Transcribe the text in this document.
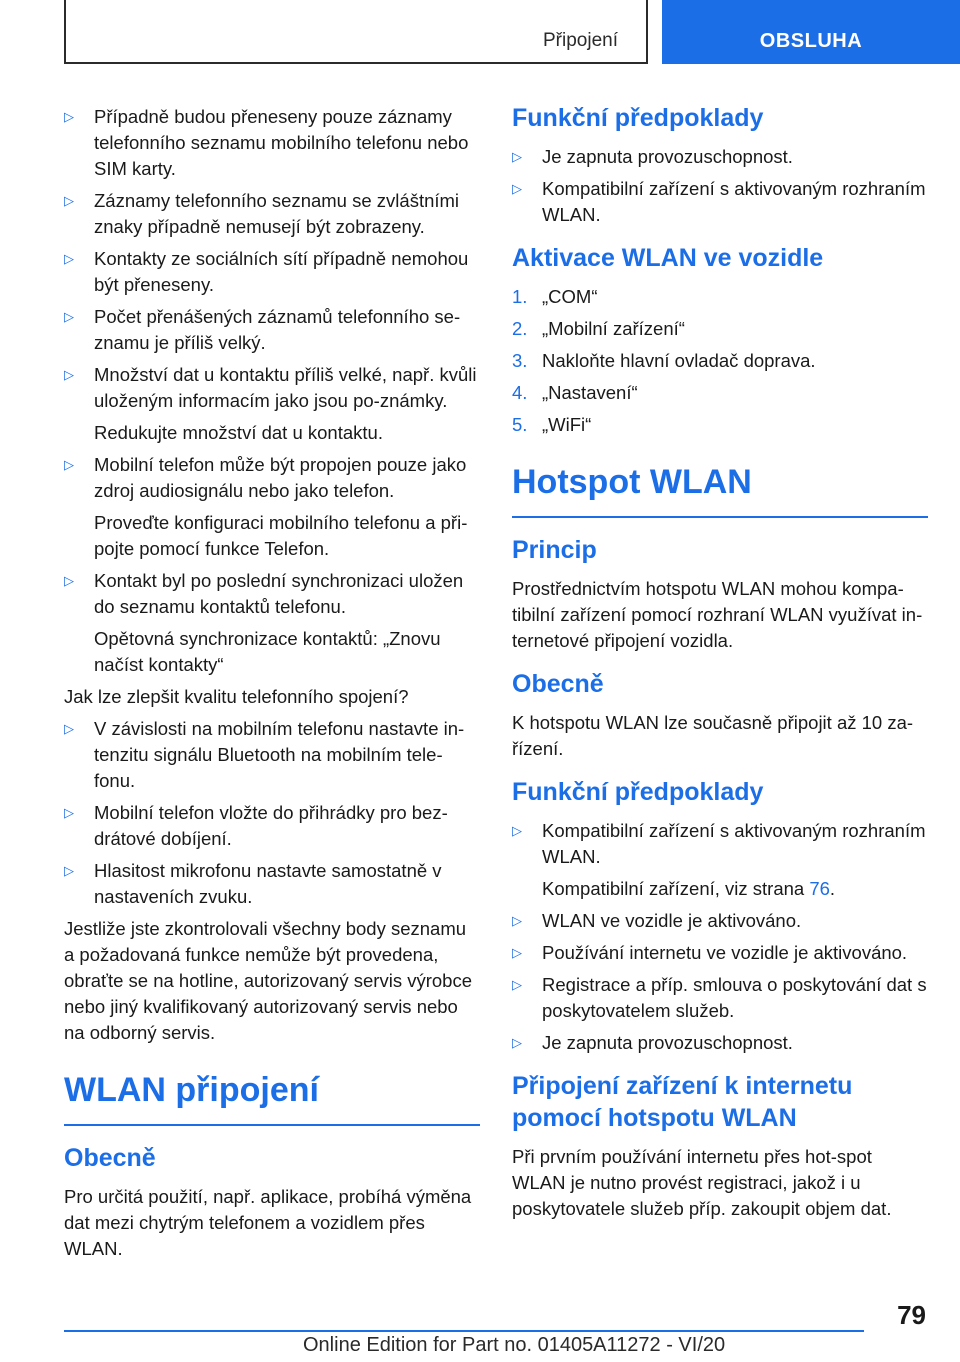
Připojení	OBSLUHA
▷	Případně budou přeneseny pouze záznamy telefonního seznamu mobilního telefonu nebo SIM karty.
▷	Záznamy telefonního seznamu se zvláštními znaky případně nemusejí být zobrazeny.
▷	Kontakty ze sociálních sítí případně nemohou být přeneseny.
▷	Počet přenášených záznamů telefonního se-znamu je příliš velký.
▷	Množství dat u kontaktu příliš velké, např. kvůli uloženým informacím jako jsou po-známky.
Redukujte množství dat u kontaktu.
▷	Mobilní telefon může být propojen pouze jako zdroj audiosignálu nebo jako telefon.
Proveďte konfiguraci mobilního telefonu a při-pojte pomocí funkce Telefon.
▷	Kontakt byl po poslední synchronizaci uložen do seznamu kontaktů telefonu.
Opětovná synchronizace kontaktů: „Znovu načíst kontakty“

Jak lze zlepšit kvalitu telefonního spojení?

▷	V závislosti na mobilním telefonu nastavte in-tenzitu signálu Bluetooth na mobilním tele-fonu.
▷	Mobilní telefon vložte do přihrádky pro bez-drátové dobíjení.
▷	Hlasitost mikrofonu nastavte samostatně v nastaveních zvuku.

Jestliže jste zkontrolovali všechny body seznamu a požadovaná funkce nemůže být provedena, obraťte se na hotline, autorizovaný servis výrobce nebo jiný kvalifikovaný autorizovaný servis nebo na odborný servis.

WLAN připojení
Obecně

Pro určitá použití, např. aplikace, probíhá výměna dat mezi chytrým telefonem a vozidlem přes WLAN.

Funkční předpoklady
▷	Je zapnuta provozuschopnost.
▷	Kompatibilní zařízení s aktivovaným rozhraním WLAN.
Aktivace WLAN ve vozidle
1. „COM“
2. „Mobilní zařízení“
3. Nakloňte hlavní ovladač doprava.
4. „Nastavení“
5. „WiFi“
Hotspot WLAN
Princip

Prostřednictvím hotspotu WLAN mohou kompa-tibilní zařízení pomocí rozhraní WLAN využívat in-ternetové připojení vozidla.

Obecně

K hotspotu WLAN lze současně připojit až 10 za-řízení.

Funkční předpoklady
▷	Kompatibilní zařízení s aktivovaným rozhraním WLAN.
Kompatibilní zařízení, viz strana 76.
▷	WLAN ve vozidle je aktivováno.
▷	Používání internetu ve vozidle je aktivováno.
▷	Registrace a příp. smlouva o poskytování dat s poskytovatelem služeb.
▷	Je zapnuta provozuschopnost.
Připojení zařízení k internetu pomocí hotspotu WLAN

Při prvním používání internetu přes hot-spot WLAN je nutno provést registraci, jakož i u poskytovatele služeb příp. zakoupit objem dat.

79
Online Edition for Part no. 01405A11272 - VI/20
